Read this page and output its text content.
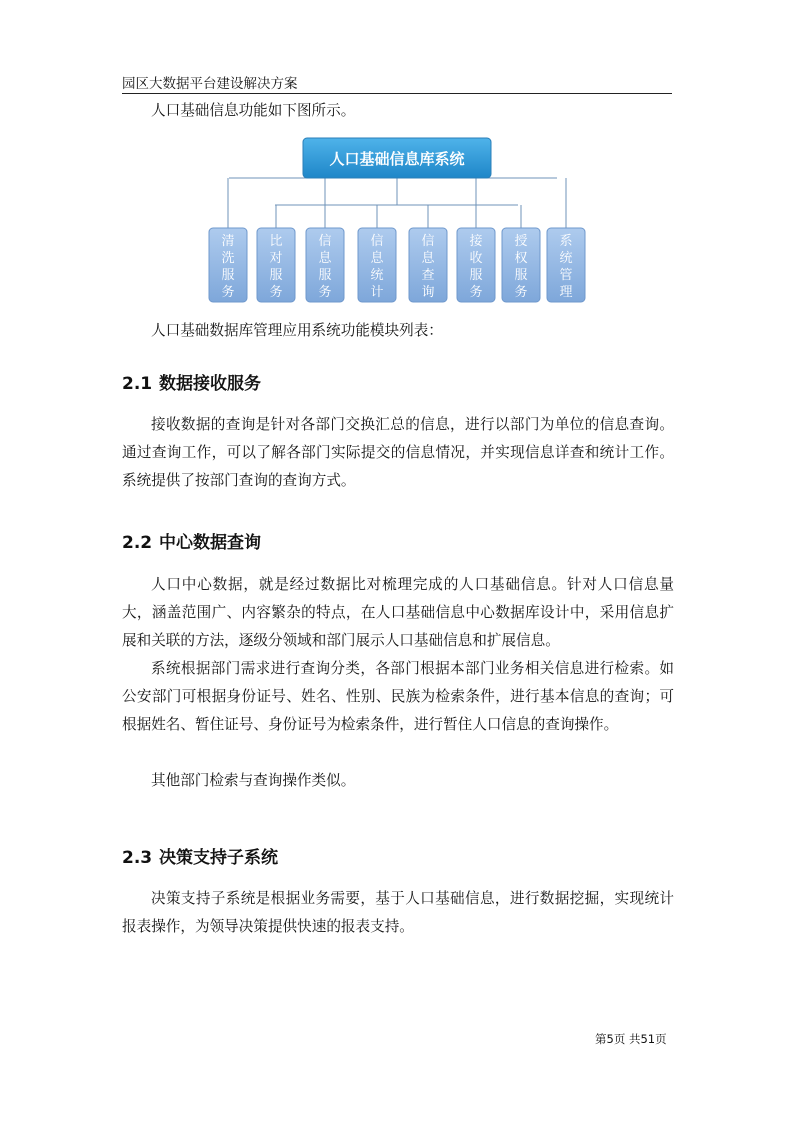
园区大数据平台建设解决方案

人口基础信息功能如下图所示。

人口基础信息库系统
清
洗
服
务
比
对
服
务
信
息
服
务
信
息
统
计
信
息
查
询
接
收
服
务
授
权
服
务
系
统
管
理

人口基础数据库管理应用系统功能模块列表：

2.1 数据接收服务

接收数据的查询是针对各部门交换汇总的信息，进行以部门为单位的信息查询。通过查询工作，可以了解各部门实际提交的信息情况，并实现信息详查和统计工作。系统提供了按部门查询的查询方式。

2.2 中心数据查询

人口中心数据，就是经过数据比对梳理完成的人口基础信息。针对人口信息量大，涵盖范围广、内容繁杂的特点，在人口基础信息中心数据库设计中，采用信息扩展和关联的方法，逐级分领域和部门展示人口基础信息和扩展信息。

系统根据部门需求进行查询分类，各部门根据本部门业务相关信息进行检索。如公安部门可根据身份证号、姓名、性别、民族为检索条件，进行基本信息的查询；可根据姓名、暂住证号、身份证号为检索条件，进行暂住人口信息的查询操作。

其他部门检索与查询操作类似。

2.3 决策支持子系统

决策支持子系统是根据业务需要，基于人口基础信息，进行数据挖掘，实现统计报表操作，为领导决策提供快速的报表支持。

第5页 共51页
